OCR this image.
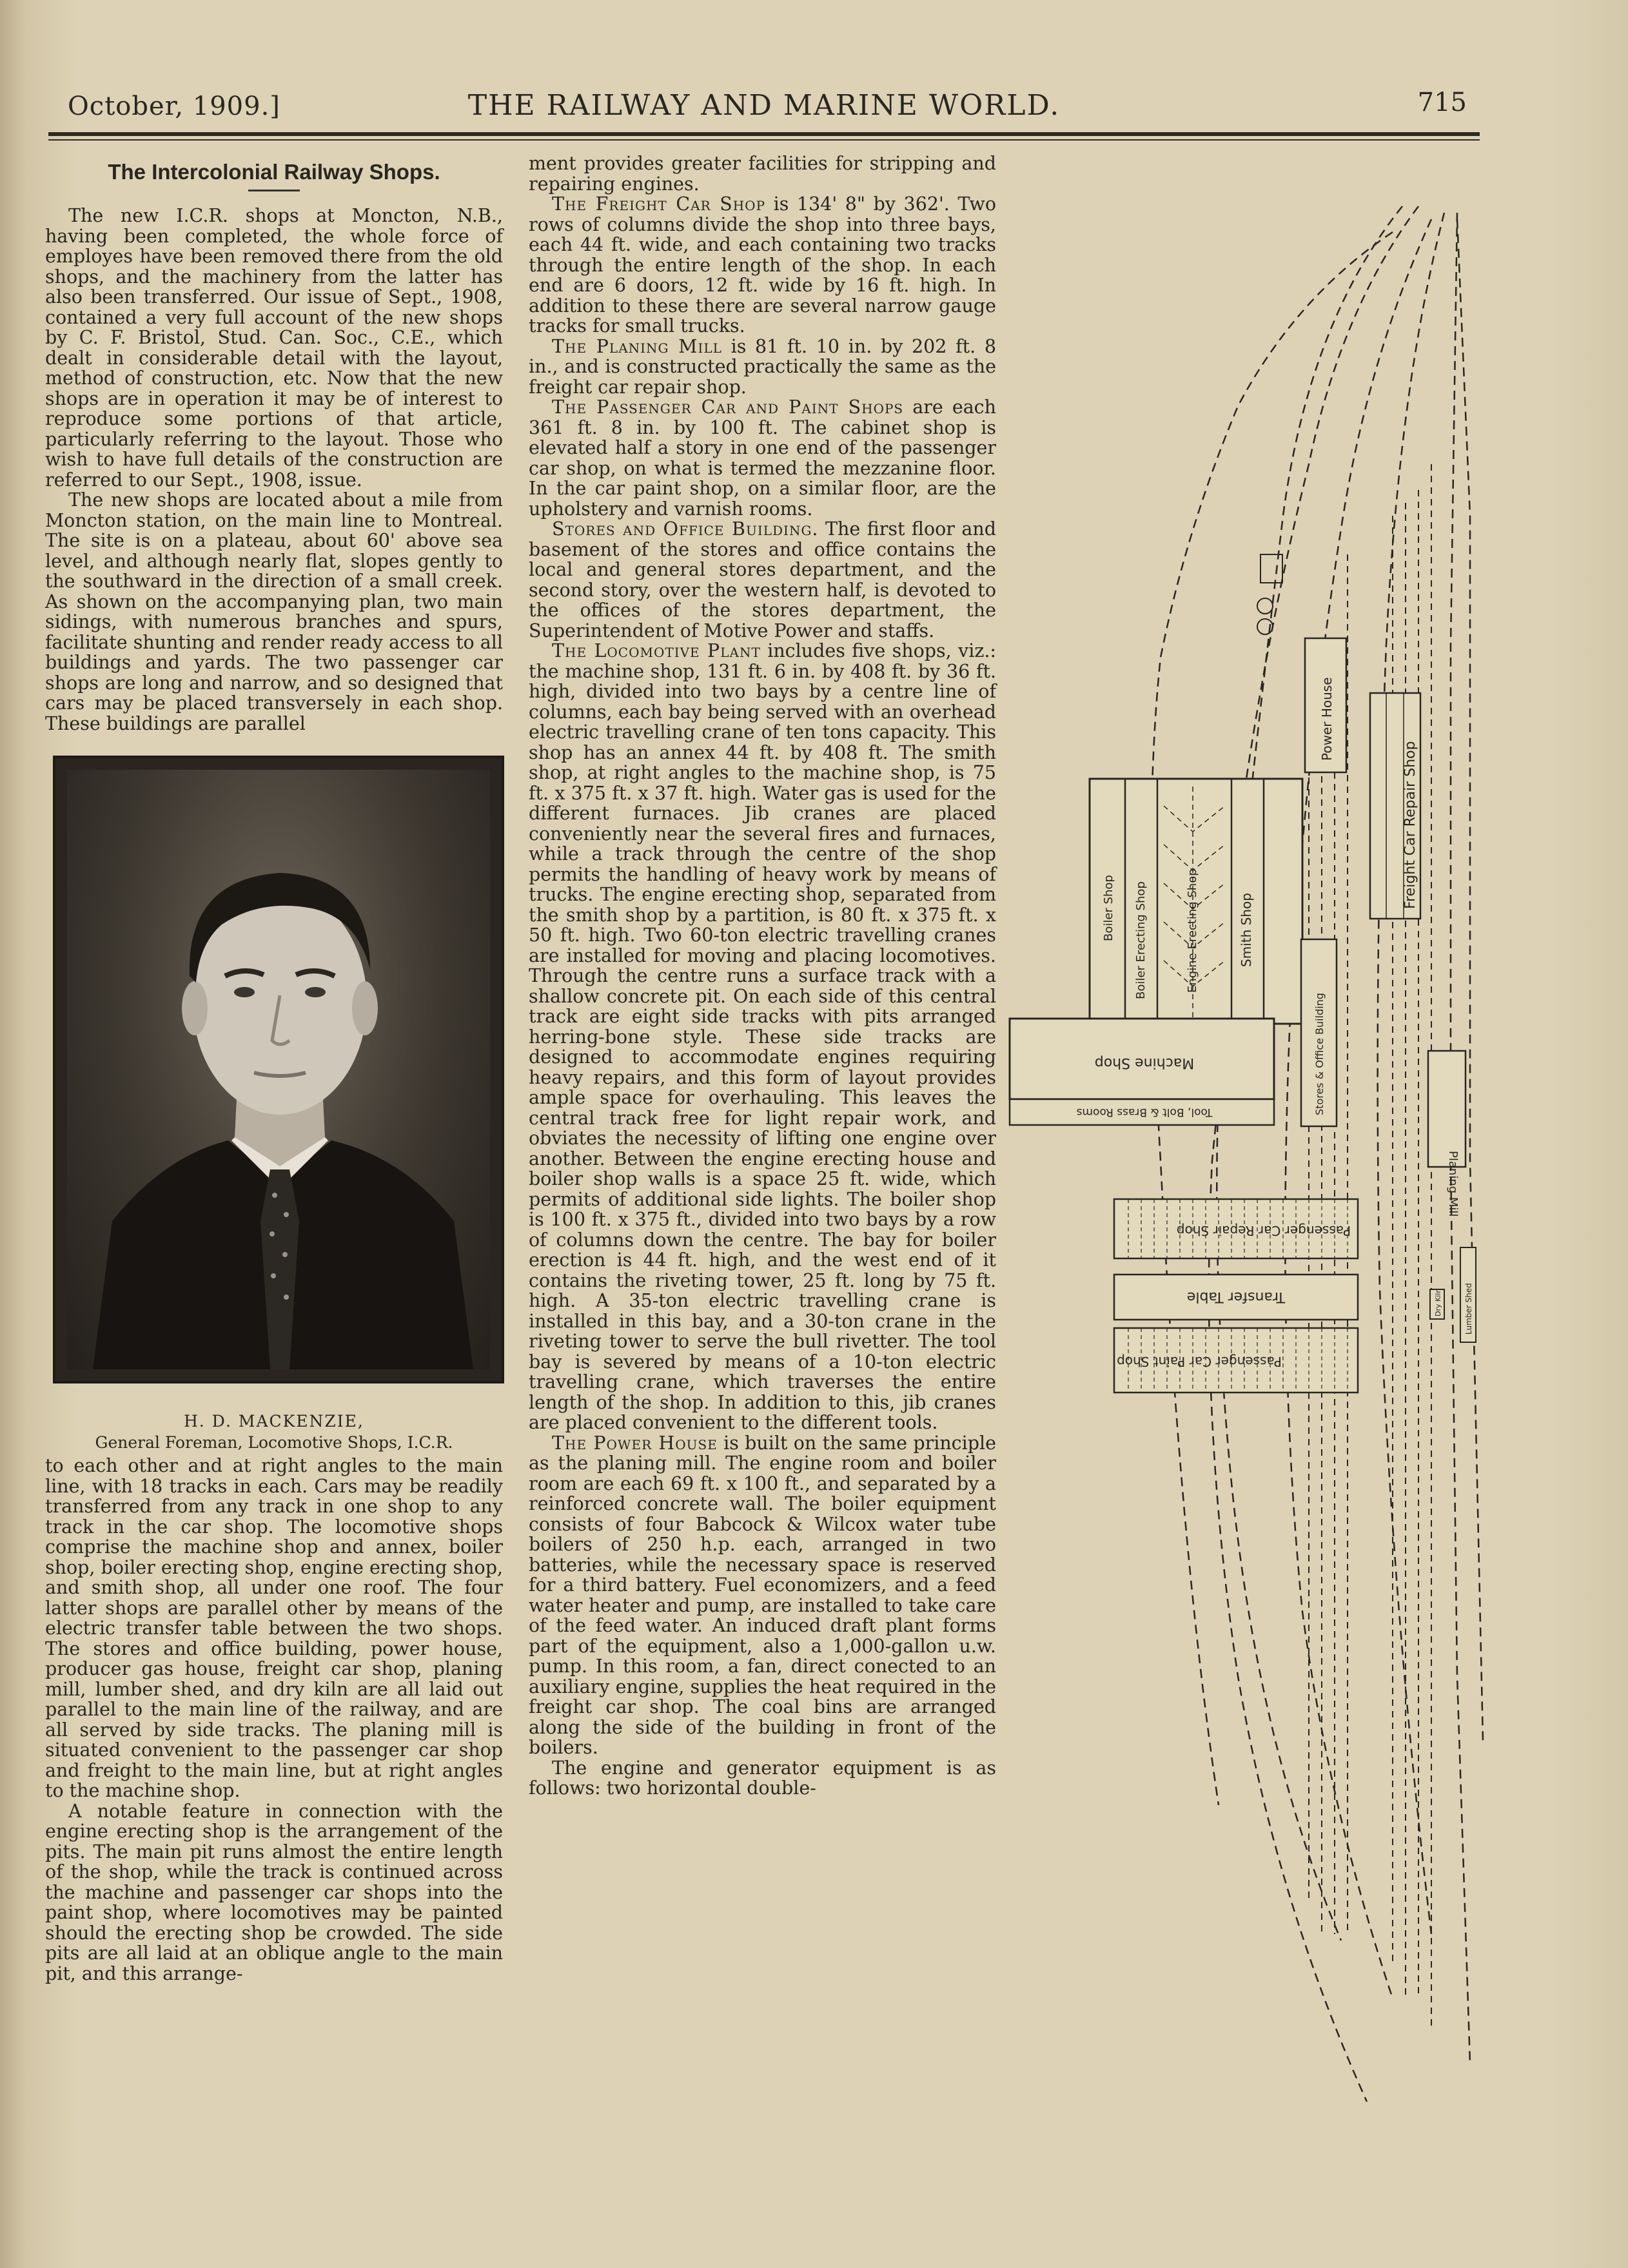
October, 1909.]	THE RAILWAY AND MARINE WORLD.	715
The Intercolonial Railway Shops.

The new I.C.R. shops at Moncton, N.B., having been completed, the whole force of employes have been removed there from the old shops, and the machinery from the latter has also been transferred. Our issue of Sept., 1908, contained a very full account of the new shops by C. F. Bristol, Stud. Can. Soc., C.E., which dealt in considerable detail with the layout, method of construction, etc. Now that the new shops are in operation it may be of interest to reproduce some portions of that article, particularly referring to the layout. Those who wish to have full details of the construction are referred to our Sept., 1908, issue.

The new shops are located about a mile from Moncton station, on the main line to Montreal. The site is on a plateau, about 60' above sea level, and although nearly flat, slopes gently to the southward in the direction of a small creek. As shown on the accompanying plan, two main sidings, with numerous branches and spurs, facilitate shunting and render ready access to all buildings and yards. The two passenger car shops are long and narrow, and so designed that cars may be placed transversely in each shop. These buildings are parallel

H. D. MACKENZIE,
General Foreman, Locomotive Shops, I.C.R.

to each other and at right angles to the main line, with 18 tracks in each. Cars may be readily transferred from any track in one shop to any track in the car shop. The locomotive shops comprise the machine shop and annex, boiler shop, boiler erecting shop, engine erecting shop, and smith shop, all under one roof. The four latter shops are parallel other by means of the electric transfer table between the two shops. The stores and office building, power house, producer gas house, freight car shop, planing mill, lumber shed, and dry kiln are all laid out parallel to the main line of the railway, and are all served by side tracks. The planing mill is situated convenient to the passenger car shop and freight to the main line, but at right angles to the machine shop.

A notable feature in connection with the engine erecting shop is the arrangement of the pits. The main pit runs almost the entire length of the shop, while the track is continued across the machine and passenger car shops into the paint shop, where locomotives may be painted should the erecting shop be crowded. The side pits are all laid at an oblique angle to the main pit, and this arrange-

ment provides greater facilities for stripping and repairing engines.

The Freight Car Shop is 134' 8" by 362'. Two rows of columns divide the shop into three bays, each 44 ft. wide, and each containing two tracks through the entire length of the shop. In each end are 6 doors, 12 ft. wide by 16 ft. high. In addition to these there are several narrow gauge tracks for small trucks.

The Planing Mill is 81 ft. 10 in. by 202 ft. 8 in., and is constructed practically the same as the freight car repair shop.

The Passenger Car and Paint Shops are each 361 ft. 8 in. by 100 ft. The cabinet shop is elevated half a story in one end of the passenger car shop, on what is termed the mezzanine floor. In the car paint shop, on a similar floor, are the upholstery and varnish rooms.

Stores and Office Building. The first floor and basement of the stores and office contains the local and general stores department, and the second story, over the western half, is devoted to the offices of the stores department, the Superintendent of Motive Power and staffs.

The Locomotive Plant includes five shops, viz.: the machine shop, 131 ft. 6 in. by 408 ft. by 36 ft. high, divided into two bays by a centre line of columns, each bay being served with an overhead electric travelling crane of ten tons capacity. This shop has an annex 44 ft. by 408 ft. The smith shop, at right angles to the machine shop, is 75 ft. x 375 ft. x 37 ft. high. Water gas is used for the different furnaces. Jib cranes are placed conveniently near the several fires and furnaces, while a track through the centre of the shop permits the handling of heavy work by means of trucks. The engine erecting shop, separated from the smith shop by a partition, is 80 ft. x 375 ft. x 50 ft. high. Two 60-ton electric travelling cranes are installed for moving and placing locomotives. Through the centre runs a surface track with a shallow concrete pit. On each side of this central track are eight side tracks with pits arranged herring-bone style. These side tracks are designed to accommodate engines requiring heavy repairs, and this form of layout provides ample space for overhauling. This leaves the central track free for light repair work, and obviates the necessity of lifting one engine over another. Between the engine erecting house and boiler shop walls is a space 25 ft. wide, which permits of additional side lights. The boiler shop is 100 ft. x 375 ft., divided into two bays by a row of columns down the centre. The bay for boiler erection is 44 ft. high, and the west end of it contains the riveting tower, 25 ft. long by 75 ft. high. A 35-ton electric travelling crane is installed in this bay, and a 30-ton crane in the riveting tower to serve the bull rivetter. The tool bay is severed by means of a 10-ton electric travelling crane, which traverses the entire length of the shop. In addition to this, jib cranes are placed convenient to the different tools.

The Power House is built on the same principle as the planing mill. The engine room and boiler room are each 69 ft. x 100 ft., and separated by a reinforced concrete wall. The boiler equipment consists of four Babcock & Wilcox water tube boilers of 250 h.p. each, arranged in two batteries, while the necessary space is reserved for a third battery. Fuel economizers, and a feed water heater and pump, are installed to take care of the feed water. An induced draft plant forms part of the equipment, also a 1,000-gallon u.w. pump. In this room, a fan, direct conected to an auxiliary engine, supplies the heat required in the freight car shop. The coal bins are arranged along the side of the building in front of the boilers.

The engine and generator equipment is as follows: two horizontal double-

Power House
Freight Car Repair Shop
Boiler Shop Boiler Erecting Shop	Engine Erecting Shop	Smith Shop
Machine Shop
Tool, Bolt & Brass Rooms	Stores & Office Building
Planing Mill
Passenger Car Repair Shop
Transfer Table
Passenger Car Paint Shop
Dry Kiln	Lumber Shed
